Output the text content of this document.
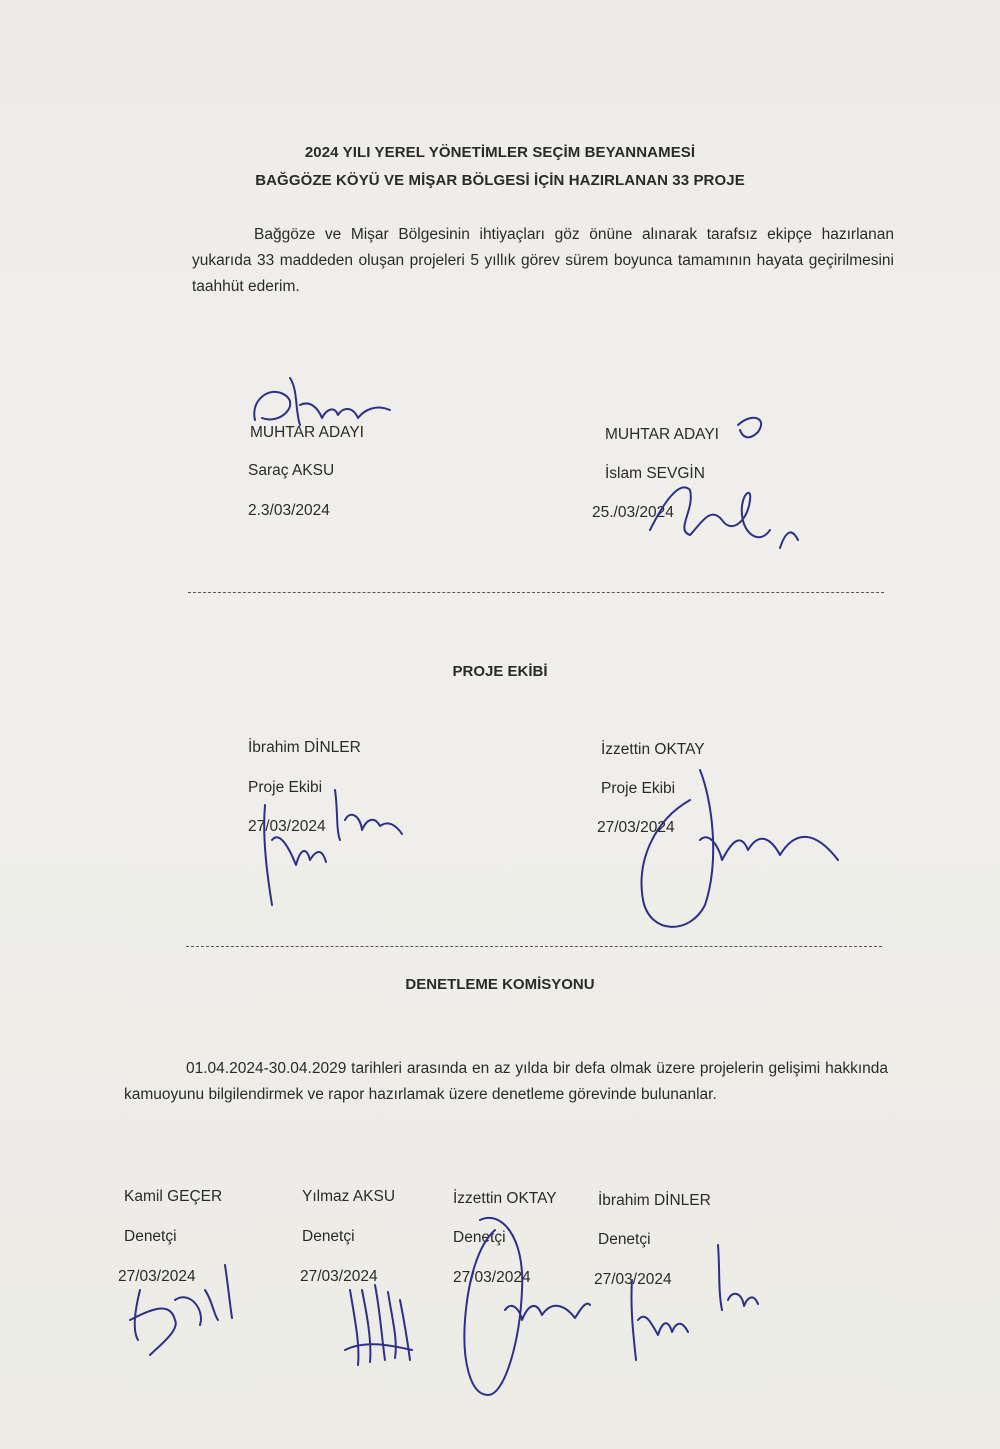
2024 YILI YEREL YÖNETİMLER SEÇİM BEYANNAMESİ
BAĞGÖZE KÖYÜ VE MİŞAR BÖLGESİ İÇİN HAZIRLANAN 33 PROJE
Bağgöze ve Mişar Bölgesinin ihtiyaçları göz önüne alınarak tarafsız ekipçe hazırlanan yukarıda 33 maddeden oluşan projeleri 5 yıllık görev sürem boyunca tamamının hayata geçirilmesini taahhüt ederim.
MUHTAR ADAYI
Saraç AKSU
2.3/03/2024
MUHTAR ADAYI
İslam SEVGİN
25./03/2024
PROJE EKİBİ
İbrahim DİNLER
Proje Ekibi
27/03/2024
İzzettin OKTAY
Proje Ekibi
27/03/2024
DENETLEME KOMİSYONU
01.04.2024-30.04.2029 tarihleri arasında en az yılda bir defa olmak üzere projelerin gelişimi hakkında kamuoyunu bilgilendirmek ve rapor hazırlamak üzere denetleme görevinde bulunanlar.
Kamil GEÇER
Denetçi
27/03/2024
Yılmaz AKSU
Denetçi
27/03/2024
İzzettin OKTAY
Denetçi
27/03/2024
İbrahim DİNLER
Denetçi
27/03/2024
